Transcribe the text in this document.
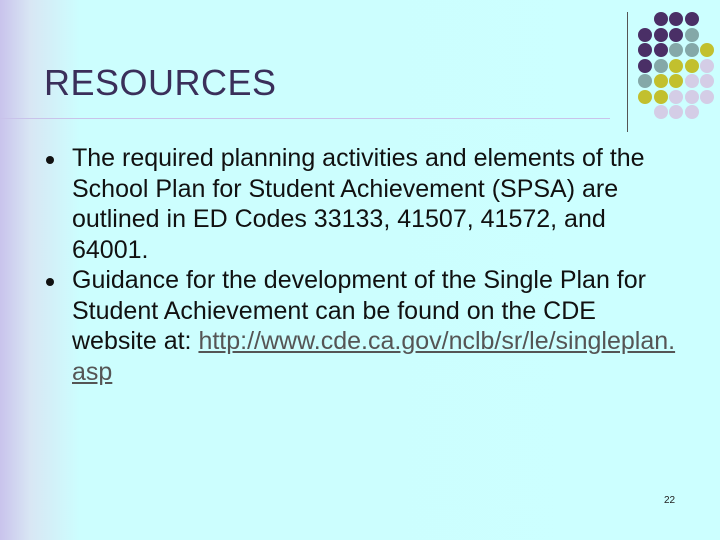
RESOURCES
The required planning activities and elements of the School Plan for Student Achievement (SPSA) are outlined in ED Codes 33133, 41507, 41572, and 64001.
Guidance for the development of the Single Plan for Student Achievement can be found on the CDE website at: http://www.cde.ca.gov/nclb/sr/le/singleplan.asp
22
